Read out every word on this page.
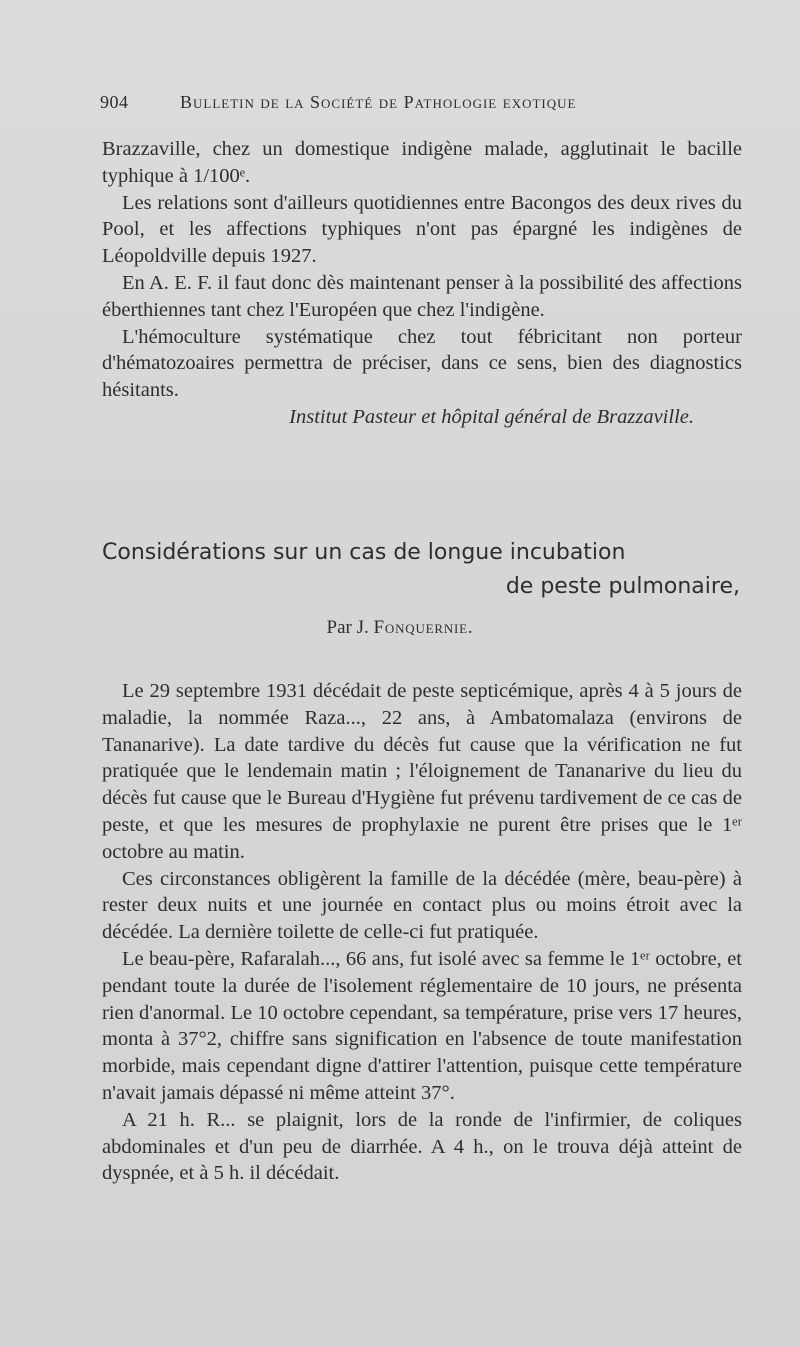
904	Bulletin de la Société de Pathologie exotique

Brazzaville, chez un domestique indigène malade, agglutinait le bacille typhique à 1/100ᵉ.

Les relations sont d'ailleurs quotidiennes entre Bacongos des deux rives du Pool, et les affections typhiques n'ont pas épargné les indigènes de Léopoldville depuis 1927.

En A. E. F. il faut donc dès maintenant penser à la possibilité des affections éberthiennes tant chez l'Européen que chez l'indigène.

L'hémoculture systématique chez tout fébricitant non porteur d'hématozoaires permettra de préciser, dans ce sens, bien des diagnostics hésitants.

Institut Pasteur et hôpital général de Brazzaville.

Considérations sur un cas de longue incubation
de peste pulmonaire,
Par J. Fonquernie.

Le 29 septembre 1931 décédait de peste septicémique, après 4 à 5 jours de maladie, la nommée Raza..., 22 ans, à Ambatomalaza (environs de Tananarive). La date tardive du décès fut cause que la vérification ne fut pratiquée que le lendemain matin ; l'éloignement de Tananarive du lieu du décès fut cause que le Bureau d'Hygiène fut prévenu tardivement de ce cas de peste, et que les mesures de prophylaxie ne purent être prises que le 1ᵉʳ octobre au matin.

Ces circonstances obligèrent la famille de la décédée (mère, beau-père) à rester deux nuits et une journée en contact plus ou moins étroit avec la décédée. La dernière toilette de celle-ci fut pratiquée.

Le beau-père, Rafaralah..., 66 ans, fut isolé avec sa femme le 1ᵉʳ octobre, et pendant toute la durée de l'isolement réglementaire de 10 jours, ne présenta rien d'anormal. Le 10 octobre cependant, sa température, prise vers 17 heures, monta à 37°2, chiffre sans signification en l'absence de toute manifestation morbide, mais cependant digne d'attirer l'attention, puisque cette température n'avait jamais dépassé ni même atteint 37°.

A 21 h. R... se plaignit, lors de la ronde de l'infirmier, de coliques abdominales et d'un peu de diarrhée. A 4 h., on le trouva déjà atteint de dyspnée, et à 5 h. il décédait.
